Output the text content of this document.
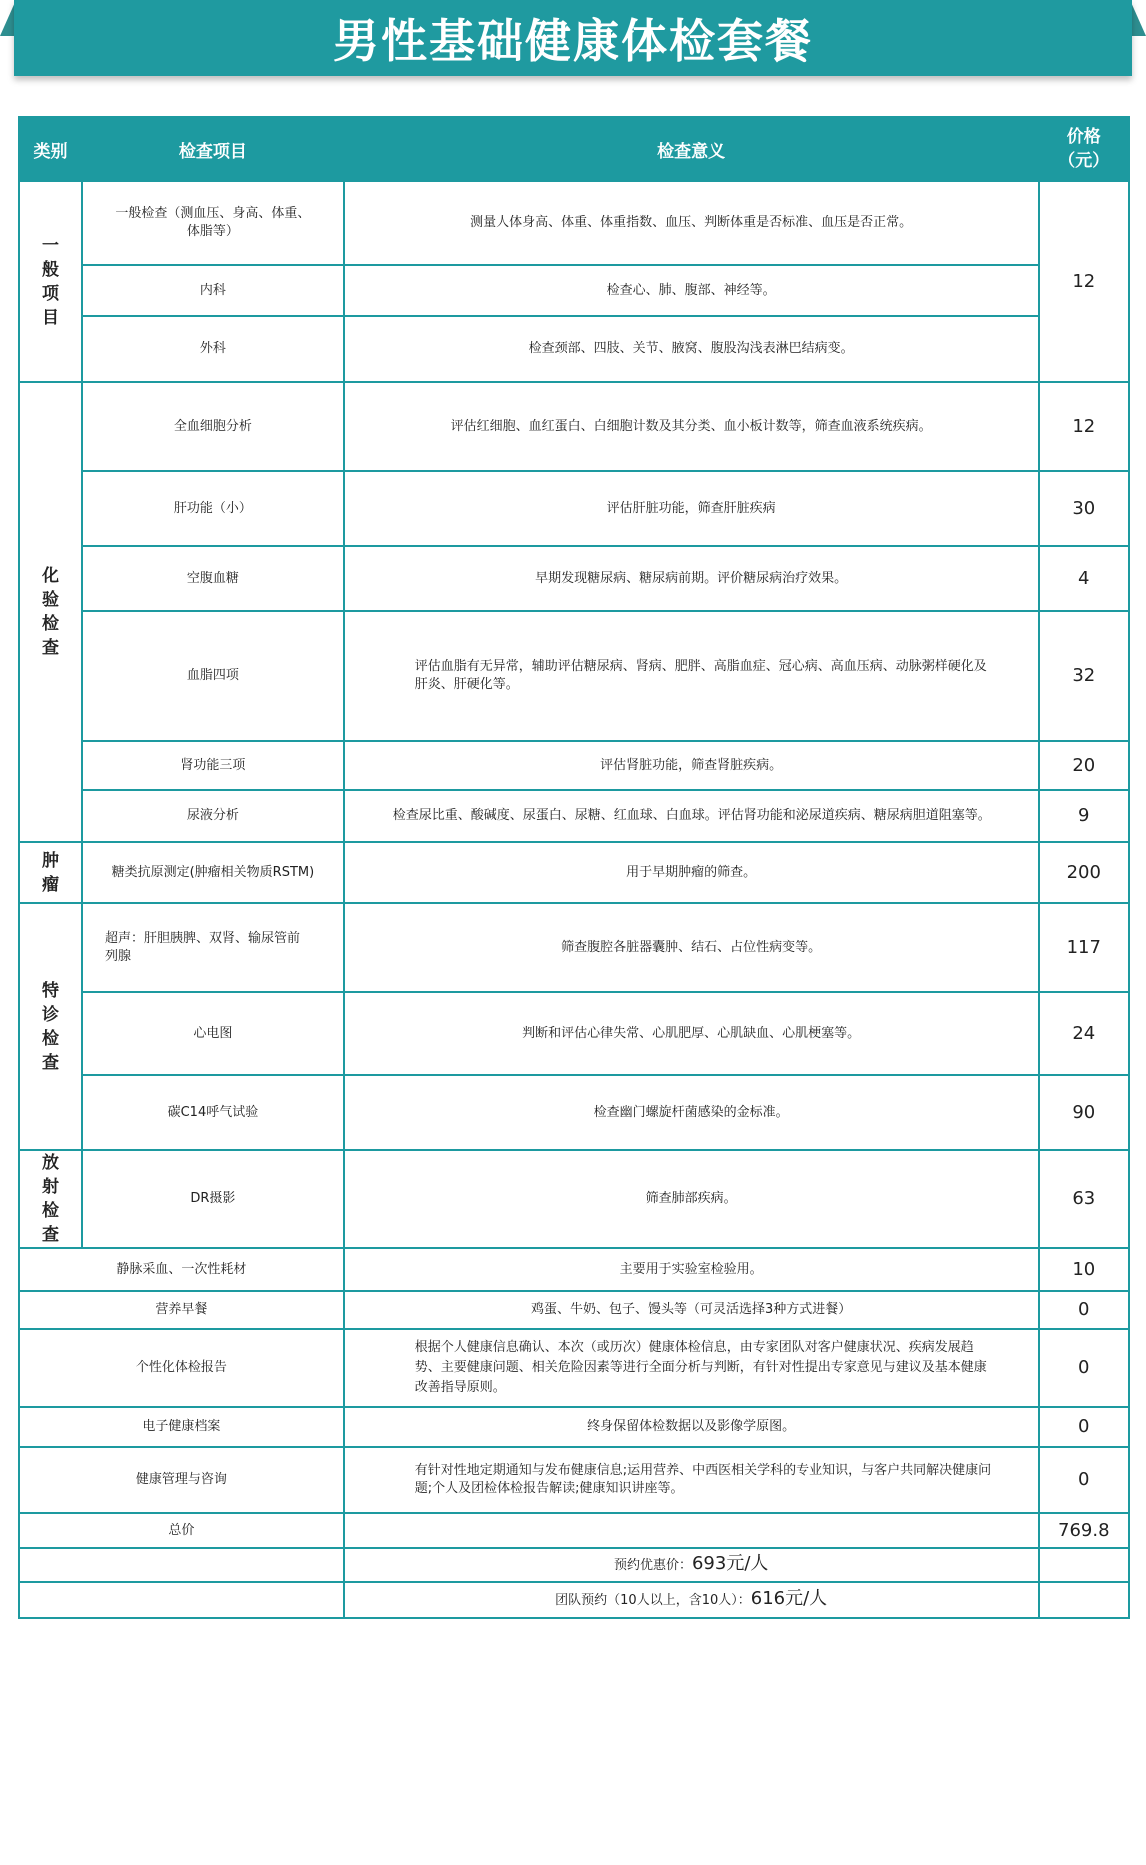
男性基础健康体检套餐
类别	检查项目	检查意义	价格
（元）
一般项目	一般检查（测血压、身高、体重、体脂等）	测量人体身高、体重、体重指数、血压、判断体重是否标准、血压是否正常。	12
	内科	检查心、肺、腹部、神经等。	
	外科	检查颈部、四肢、关节、腋窝、腹股沟浅表淋巴结病变。	
化验检查	全血细胞分析	评估红细胞、血红蛋白、白细胞计数及其分类、血小板计数等，筛查血液系统疾病。	12
	肝功能（小）	评估肝脏功能，筛查肝脏疾病	30
	空腹血糖	早期发现糖尿病、糖尿病前期。评价糖尿病治疗效果。	4
	血脂四项	评估血脂有无异常，辅助评估糖尿病、肾病、肥胖、高脂血症、冠心病、高血压病、动脉粥样硬化及肝炎、肝硬化等。	32
	肾功能三项	评估肾脏功能，筛查肾脏疾病。	20
	尿液分析	检查尿比重、酸碱度、尿蛋白、尿糖、红血球、白血球。评估肾功能和泌尿道疾病、糖尿病胆道阻塞等。	9
肿瘤	糖类抗原测定(肿瘤相关物质RSTM)	用于早期肿瘤的筛查。	200
特诊检查	超声：肝胆胰脾、双肾、输尿管前列腺	筛查腹腔各脏器囊肿、结石、占位性病变等。	117
	心电图	判断和评估心律失常、心肌肥厚、心肌缺血、心肌梗塞等。	24
	碳C14呼气试验	检查幽门螺旋杆菌感染的金标准。	90
放射检查	DR摄影	筛查肺部疾病。	63
静脉采血、一次性耗材		主要用于实验室检验用。	10
营养早餐		鸡蛋、牛奶、包子、馒头等（可灵活选择3种方式进餐）	0
个性化体检报告		根据个人健康信息确认、本次（或历次）健康体检信息，由专家团队对客户健康状况、疾病发展趋势、主要健康问题、相关危险因素等进行全面分析与判断，有针对性提出专家意见与建议及基本健康改善指导原则。	0
电子健康档案		终身保留体检数据以及影像学原图。	0
健康管理与咨询		有针对性地定期通知与发布健康信息;运用营养、中西医相关学科的专业知识，与客户共同解决健康问题;个人及团检体检报告解读;健康知识讲座等。	0
总价			769.8
		预约优惠价：693元/人	
		团队预约（10人以上，含10人）：616元/人	
